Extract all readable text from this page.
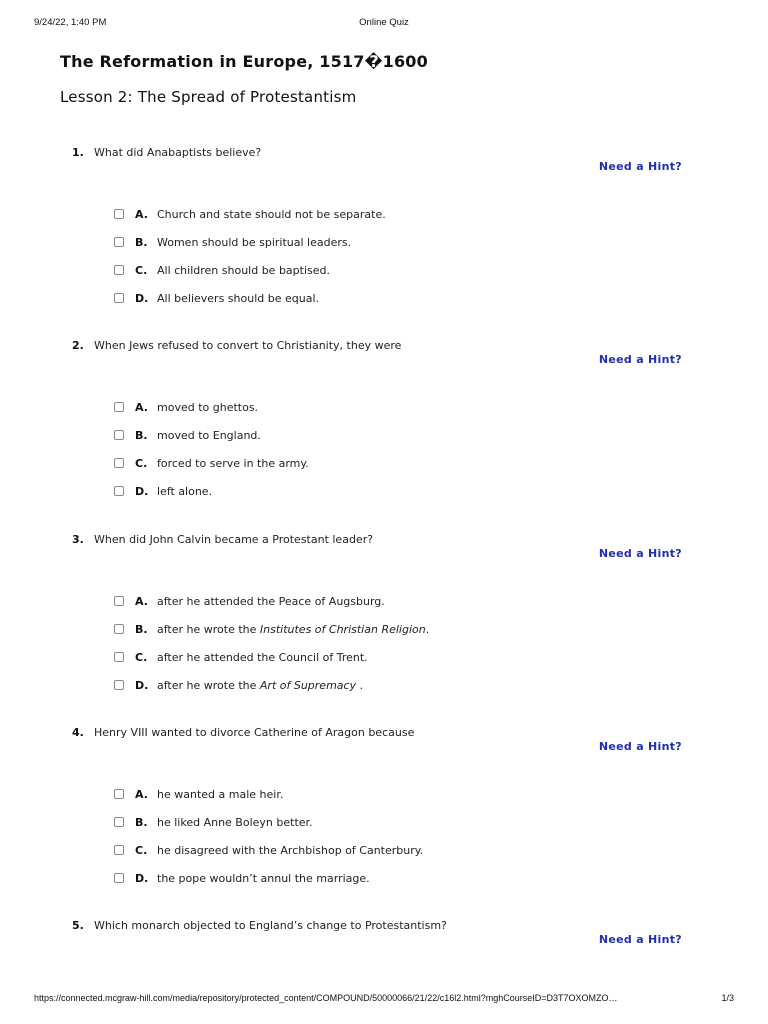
9/24/22, 1:40 PM	Online Quiz
The Reformation in Europe, 1517�1600
Lesson 2: The Spread of Protestantism
1. What did Anabaptists believe?
Need a Hint?
A. Church and state should not be separate.
B. Women should be spiritual leaders.
C. All children should be baptised.
D. All believers should be equal.
2. When Jews refused to convert to Christianity, they were
Need a Hint?
A. moved to ghettos.
B. moved to England.
C. forced to serve in the army.
D. left alone.
3. When did John Calvin became a Protestant leader?
Need a Hint?
A. after he attended the Peace of Augsburg.
B. after he wrote the Institutes of Christian Religion.
C. after he attended the Council of Trent.
D. after he wrote the Art of Supremacy .
4. Henry VIII wanted to divorce Catherine of Aragon because
Need a Hint?
A. he wanted a male heir.
B. he liked Anne Boleyn better.
C. he disagreed with the Archbishop of Canterbury.
D. the pope wouldn’t annul the marriage.
5. Which monarch objected to England’s change to Protestantism?
Need a Hint?
https://connected.mcgraw-hill.com/media/repository/protected_content/COMPOUND/50000066/21/22/c16l2.html?mghCourseID=D3T7OXOMZO…	1/3
